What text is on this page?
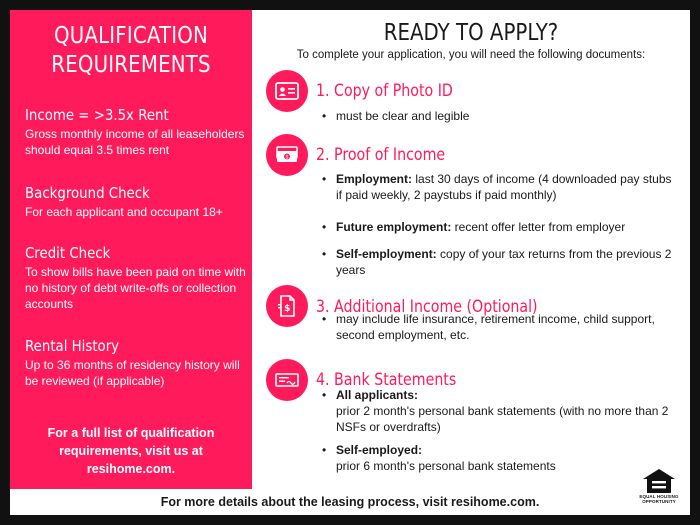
QUALIFICATION
REQUIREMENTS
Income = >3.5x Rent
Gross monthly income of all leaseholders should equal 3.5 times rent
Background Check
For each applicant and occupant 18+
Credit Check
To show bills have been paid on time with no history of debt write-offs or collection accounts
Rental History
Up to 36 months of residency history will be reviewed (if applicable)
For a full list of qualification
requirements, visit us at
resihome.com.
READY TO APPLY?
To complete your application, you will need the following documents:
1. Copy of Photo ID
• must be clear and legible
$ 2. Proof of Income
• Employment: last 30 days of income (4 downloaded pay stubs if paid weekly, 2 paystubs if paid monthly)
• Future employment: recent offer letter from employer
• Self-employment: copy of your tax returns from the previous 2 years
$ 3. Additional Income (Optional)
• may include life insurance, retirement income, child support, second employment, etc.
4. Bank Statements
• All applicants:
prior 2 month's personal bank statements (with no more than 2 NSFs or overdrafts)
• Self-employed:
prior 6 month's personal bank statements
For more details about the leasing process, visit resihome.com.	EQUAL HOUSING
OPPORTUNITY
